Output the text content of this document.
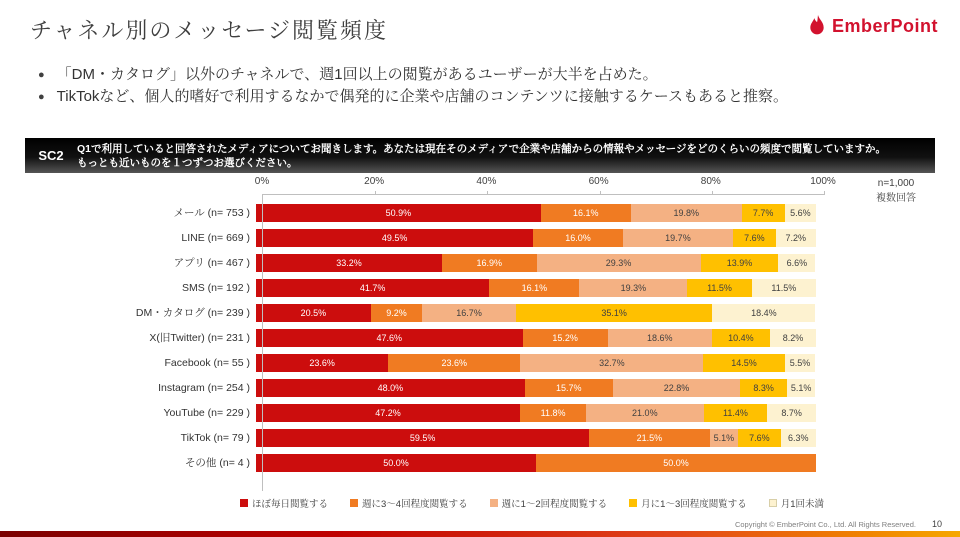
チャネル別のメッセージ閲覧頻度	EmberPoint
● 「DM・カタログ」以外のチャネルで、週1回以上の閲覧があるユーザーが大半を占めた。
● TikTokなど、個人的嗜好で利用するなかで偶発的に企業や店舗のコンテンツに接触するケースもあると推察。
SC2	Q1で利用していると回答されたメディアについてお聞きします。あなたは現在そのメディアで企業や店舗からの情報やメッセージをどのくらいの頻度で閲覧していますか。
もっとも近いものを１つずつお選びください。
n=1,000
複数回答
0%	20%	40%	60%	80%	100%
メール (n= 753 )	50.9%	16.1%	19.8%	7.7% 5.6%
LINE (n= 669 )	49.5%	16.0%	19.7%	7.6% 7.2%
アプリ (n= 467 )	33.2%	16.9%	29.3%	13.9%	6.6%
SMS (n= 192 )	41.7%	16.1%	19.3%	11.5%	11.5%
DM・カタログ (n= 239 )	20.5%	9.2%	16.7%	35.1%	18.4%
X(旧Twitter) (n= 231 )	47.6%	15.2%	18.6%	10.4%	8.2%
Facebook (n= 55 )	23.6%	23.6%	32.7%	14.5%	5.5%
Instagram (n= 254 )	48.0%	15.7%	22.8%	8.3% 5.1%
YouTube (n= 229 )	47.2%	11.8%	21.0%	11.4%	8.7%
TikTok (n= 79 )	59.5%	21.5%	5.1% 7.6% 6.3%
その他 (n= 4 )	50.0%	50.0%
ほぼ毎日閲覧する	週に3〜4回程度閲覧する	週に1〜2回程度閲覧する	月に1〜3回程度閲覧する	月1回未満
Copyright © EmberPoint Co., Ltd. All Rights Reserved. 10
